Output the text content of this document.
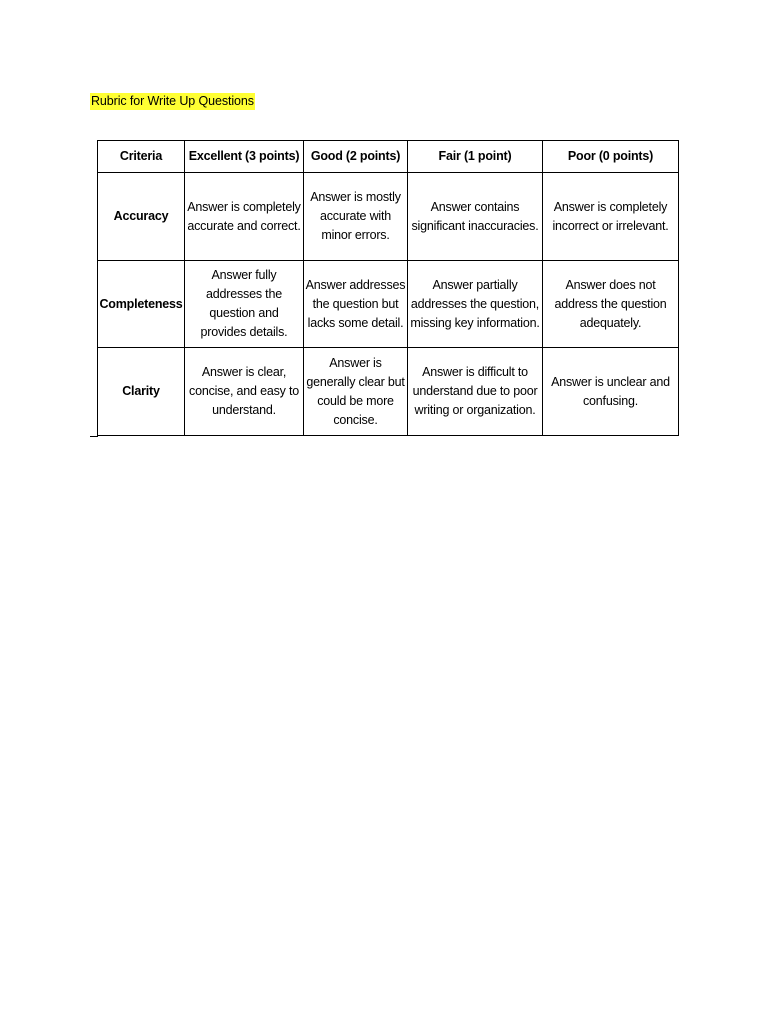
Rubric for Write Up Questions
Criteria	Excellent (3 points)	Good (2 points)	Fair (1 point)	Poor (0 points)
Accuracy	Answer is completely accurate and correct.	Answer is mostly accurate with minor errors.	Answer contains significant inaccuracies.	Answer is completely incorrect or irrelevant.
Completeness	Answer fully addresses the question and provides details.	Answer addresses the question but lacks some detail.	Answer partially addresses the question, missing key information.	Answer does not address the question adequately.
Clarity	Answer is clear, concise, and easy to understand.	Answer is generally clear but could be more concise.	Answer is difficult to understand due to poor writing or organization.	Answer is unclear and confusing.
